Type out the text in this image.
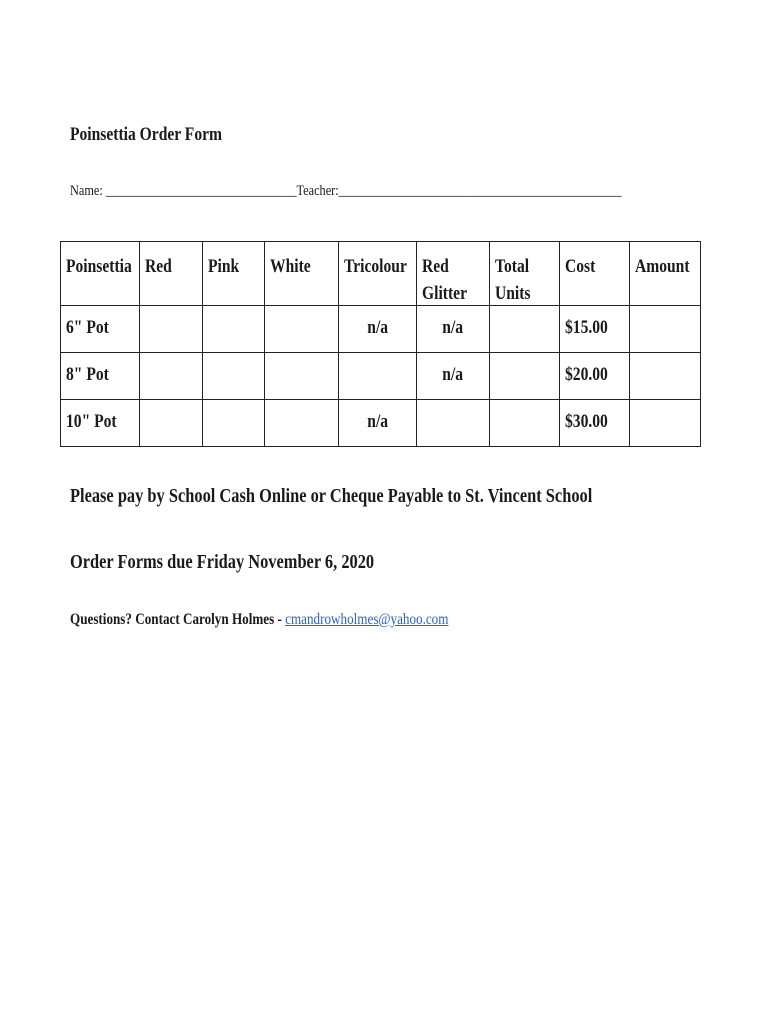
Poinsettia Order Form
Name: _______________________________Teacher:______________________________________________
Poinsettia	Red	Pink	White	Tricolour	Red Glitter	Total Units	Cost	Amount

6" Pot				n/a	n/a		$15.00	

8" Pot					n/a		$20.00	

10" Pot				n/a			$30.00	

Please pay by School Cash Online or Cheque Payable to St. Vincent School
Order Forms due Friday November 6, 2020
Questions? Contact Carolyn Holmes - cmandrowholmes@yahoo.com
